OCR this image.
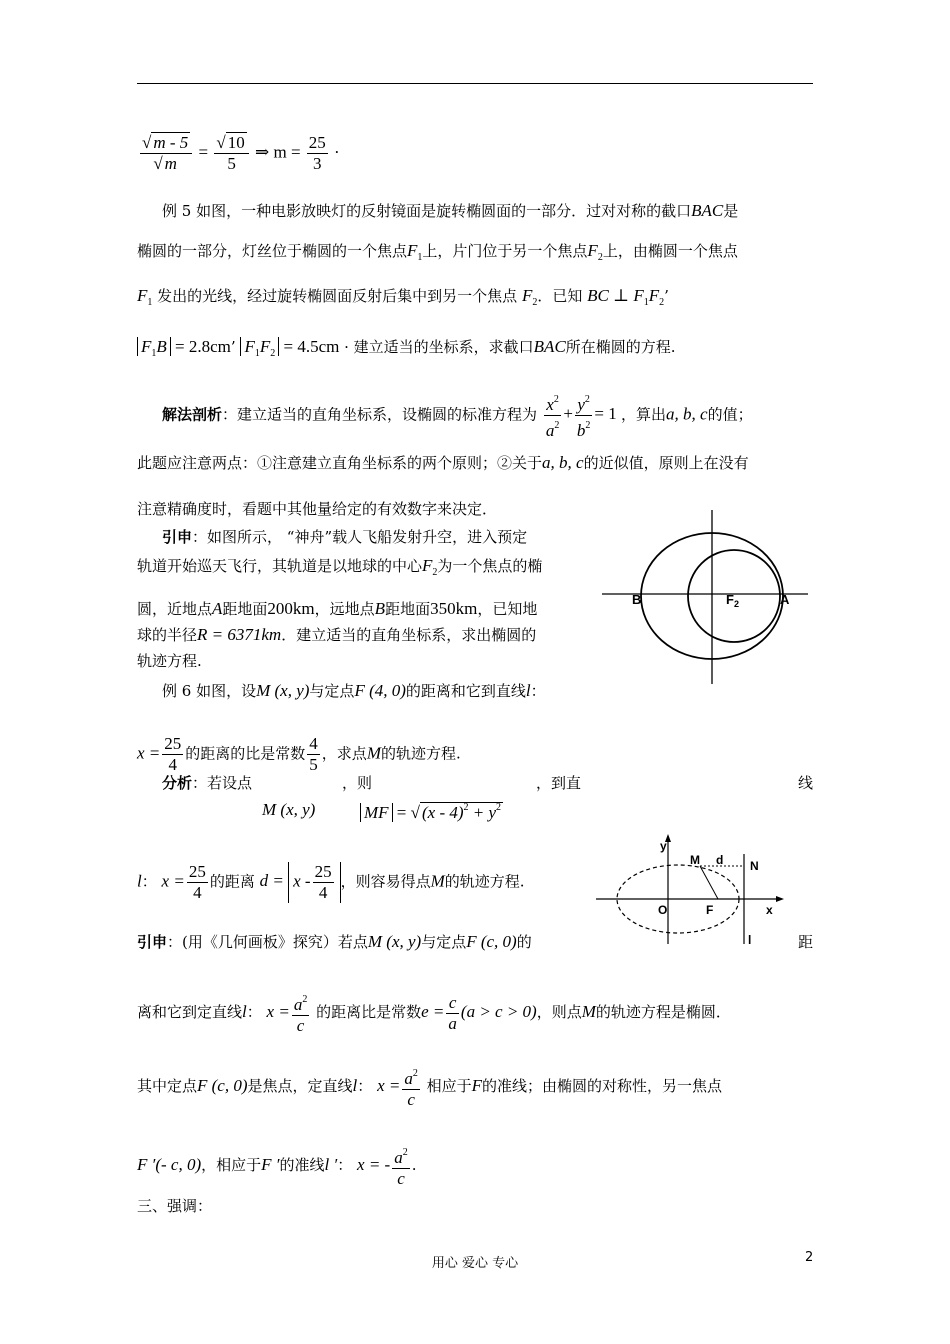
$\frac{√ m - 5}{√ m} = \frac{√ 10}{5}$ ⇒ $m = \frac{25}{3}$ ·
例 5 如图，一种电影放映灯的反射镜面是旋转椭圆面的一部分．过对对称的截口BAC是
椭圆的一部分，灯丝位于椭圆的一个焦点$F_1$上，片门位于另一个焦点$F_2$上，由椭圆一个焦点
$F_1$ 发出的光线，经过旋转椭圆面反射后集中到另一个焦点 $F_2$．已知 BC ⊥ $F_1F_2$’
$F_1B = 2.8cm$’ $F_1F_2 = 4.5cm$ · 建立适当的坐标系，求截口BAC所在椭圆的方程.
解法剖析：建立适当的直角坐标系，设椭圆的标准方程为 $\frac{x^2}{a^2} + \frac{y^2}{b^2} = 1$ ，算出a, b, c的值；
此题应注意两点：①注意建立直角坐标系的两个原则；②关于a, b, c的近似值，原则上在没有
注意精确度时，看题中其他量给定的有效数字来决定．
引申：如图所示， “神舟”载人飞船发射升空，进入预定
轨道开始巡天飞行，其轨道是以地球的中心$F_2$为一个焦点的椭
圆，近地点A距地面200km，远地点B距地面350km，已知地
球的半径R = 6371km．建立适当的直角坐标系，求出椭圆的
轨迹方程.
B	$F_2$	A
例 6 如图，设M (x, y)与定点F (4, 0)的距离和它到直线l：
$x = \frac{25}{4}$ 的距离的比是常数 $\frac{4}{5}$ ，求点M的轨迹方程.
分析：若设点	，则	，到直	线
M (x, y)	MF = √ $(x - 4)^2 + y^2$
l： $x = \frac{25}{4}$ 的距离 $d = x - \frac{25}{4}$ ，则容易得点M的轨迹方程.
y
M d N
O	F	x
l
引申：(用《几何画板》探究）若点M (x, y)与定点F (c, 0)的	距
离和它到定直线l： $x = \frac{a^2}{c}$ 的距离比是常数$e = \frac{c}{a} (a > c > 0)$，则点M的轨迹方程是椭圆．
其中定点F (c, 0)是焦点，定直线l： $x = \frac{a^2}{c}$ 相应于F的准线；由椭圆的对称性，另一焦点
F ′(- c, 0)，相应于F ′的准线l ′： x = - $\frac{a^2}{c}$ .
三、强调：
用心 爱心 专心	2
